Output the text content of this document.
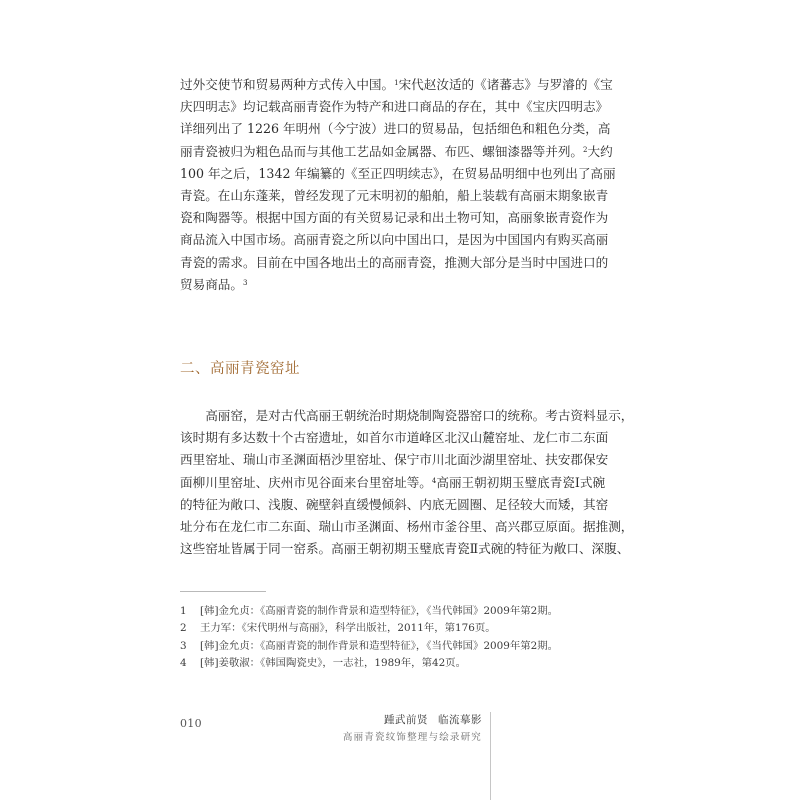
过外交使节和贸易两种方式传入中国。$^1$宋代赵汝适的《诸蕃志》与罗濬的《宝
庆四明志》均记载高丽青瓷作为特产和进口商品的存在，其中《宝庆四明志》
详细列出了 1226 年明州（今宁波）进口的贸易品，包括细色和粗色分类，高
丽青瓷被归为粗色品而与其他工艺品如金属器、布匹、螺钿漆器等并列。$^2$大约
100 年之后，1342 年编纂的《至正四明续志》，在贸易品明细中也列出了高丽
青瓷。在山东蓬莱，曾经发现了元末明初的船舶，船上装载有高丽末期象嵌青
瓷和陶器等。根据中国方面的有关贸易记录和出土物可知，高丽象嵌青瓷作为
商品流入中国市场。高丽青瓷之所以向中国出口，是因为中国国内有购买高丽
青瓷的需求。目前在中国各地出土的高丽青瓷，推测大部分是当时中国进口的
贸易商品。$^3$
二、高丽青瓷窑址
　　高丽窑，是对古代高丽王朝统治时期烧制陶瓷器窑口的统称。考古资料显示，
该时期有多达数十个古窑遗址，如首尔市道峰区北汉山麓窑址、龙仁市二东面
西里窑址、瑞山市圣渊面梧沙里窑址、保宁市川北面沙湖里窑址、扶安郡保安
面柳川里窑址、庆州市见谷面来台里窑址等。$^4$高丽王朝初期玉璧底青瓷Ⅰ式碗
的特征为敞口、浅腹、碗壁斜直缓慢倾斜、内底无圆圈、足径较大而矮，其窑
址分布在龙仁市二东面、瑞山市圣渊面、杨州市釜谷里、高兴郡豆原面。据推测，
这些窑址皆属于同一窑系。高丽王朝初期玉璧底青瓷Ⅱ式碗的特征为敞口、深腹、
1 [韩]金允贞：《高丽青瓷的制作背景和造型特征》，《当代韩国》2009年第2期。
2 王力军：《宋代明州与高丽》，科学出版社，2011年，第176页。
3 [韩]金允贞：《高丽青瓷的制作背景和造型特征》，《当代韩国》2009年第2期。
4 [韩]姜敬淑：《韩国陶瓷史》，一志社，1989年，第42页。
010	踵武前贤 临流摹影
高丽青瓷纹饰整理与绘录研究
